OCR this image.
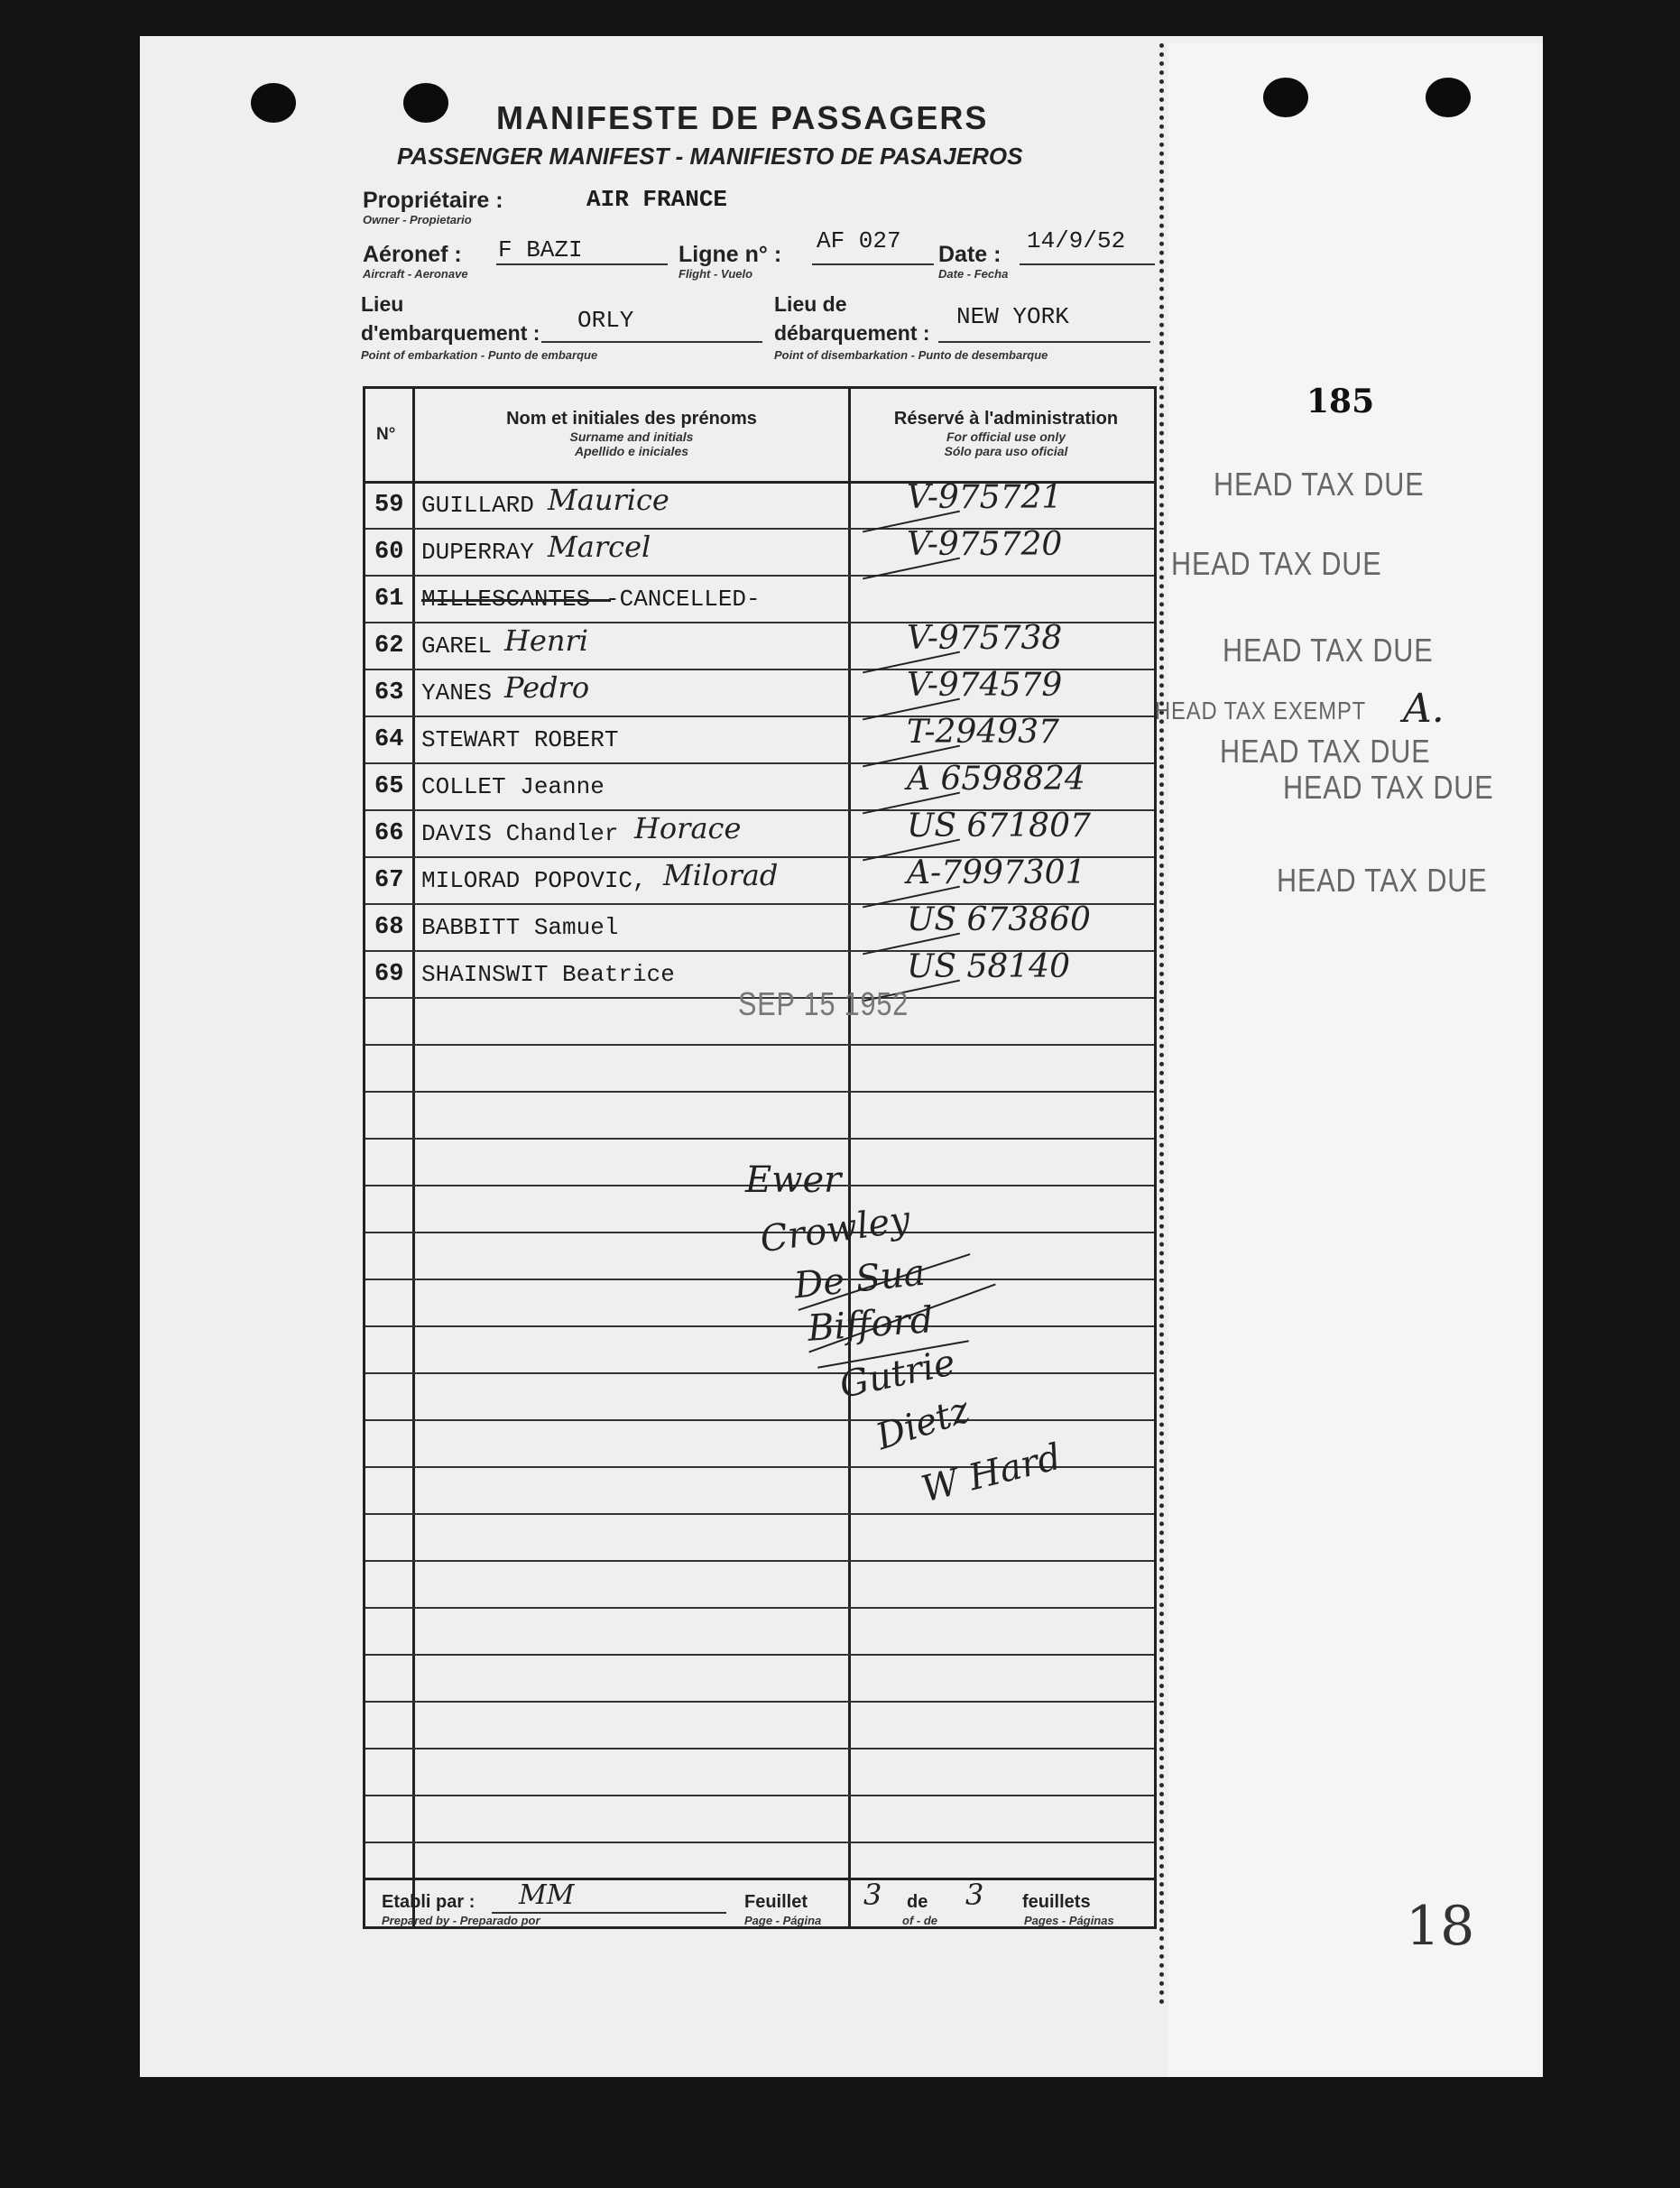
MANIFESTE DE PASSAGERS
PASSENGER MANIFEST - MANIFIESTO DE PASAJEROS
Propriétaire :	AIR FRANCE
Owner - Propietario
Aéronef : F BAZI
Aircraft - Aeronave
Ligne n° : AF 027
Flight - Vuelo
Date : 14/9/52
Date - Fecha
Lieu
d'embarquement : ORLY
Point of embarkation - Punto de embarque
Lieu de
débarquement :
NEW YORK
Point of disembarkation - Punto de desembarque
N°
Nom et initiales des prénoms
Surname and initials
Apellido e iniciales
Réservé à l'administration
For official use only
Sólo para uso oficial
59 GUILLARD Maurice	V-975721
60 DUPERRAY Marcel	V-975720
61 MILLESCANTES -CANCELLED-
62 GAREL Henri	V-975738
63 YANES Pedro	V-974579
64 STEWART ROBERT	T-294937
65 COLLET Jeanne	A 6598824
66 DAVIS Chandler Horace	US 671807
67 MILORAD POPOVIC, Milorad	A-7997301
68 BABBITT Samuel	US 673860
69 SHAINSWIT Beatrice	US 58140
Etabli par : MM
Prepared by - Preparado por
Feuillet 3 de 3 feuillets
Page - Página	of - de	Pages - Páginas
SEP 15 1952
Ewer
Crowley
De Sua
Bifford
Gutrie
Dietz
W Hard
185
HEAD TAX DUE
HEAD TAX DUE
HEAD TAX DUE
HEAD TAX EXEMPT
HEAD TAX DUE
HEAD TAX DUE
HEAD TAX DUE
A.
18
